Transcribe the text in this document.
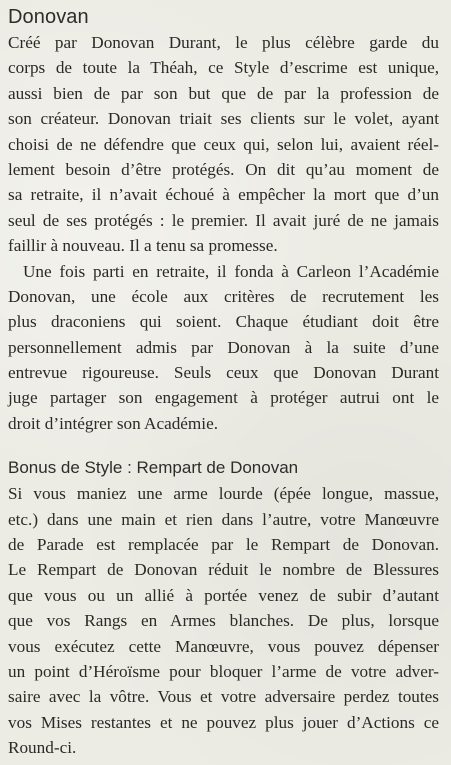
Donovan
Créé par Donovan Durant, le plus célèbre garde du
corps de toute la Théah, ce Style d’escrime est unique,
aussi bien de par son but que de par la profession de
son créateur. Donovan triait ses clients sur le volet, ayant
choisi de ne défendre que ceux qui, selon lui, avaient réel-
lement besoin d’être protégés. On dit qu’au moment de
sa retraite, il n’avait échoué à empêcher la mort que d’un
seul de ses protégés : le premier. Il avait juré de ne jamais
faillir à nouveau. Il a tenu sa promesse.
Une fois parti en retraite, il fonda à Carleon l’Académie
Donovan, une école aux critères de recrutement les
plus draconiens qui soient. Chaque étudiant doit être
personnellement admis par Donovan à la suite d’une
entrevue rigoureuse. Seuls ceux que Donovan Durant
juge partager son engagement à protéger autrui ont le
droit d’intégrer son Académie.
Bonus de Style : Rempart de Donovan
Si vous maniez une arme lourde (épée longue, massue,
etc.) dans une main et rien dans l’autre, votre Manœuvre
de Parade est remplacée par le Rempart de Donovan.
Le Rempart de Donovan réduit le nombre de Blessures
que vous ou un allié à portée venez de subir d’autant
que vos Rangs en Armes blanches. De plus, lorsque
vous exécutez cette Manœuvre, vous pouvez dépenser
un point d’Héroïsme pour bloquer l’arme de votre adver-
saire avec la vôtre. Vous et votre adversaire perdez toutes
vos Mises restantes et ne pouvez plus jouer d’Actions ce
Round-ci.
